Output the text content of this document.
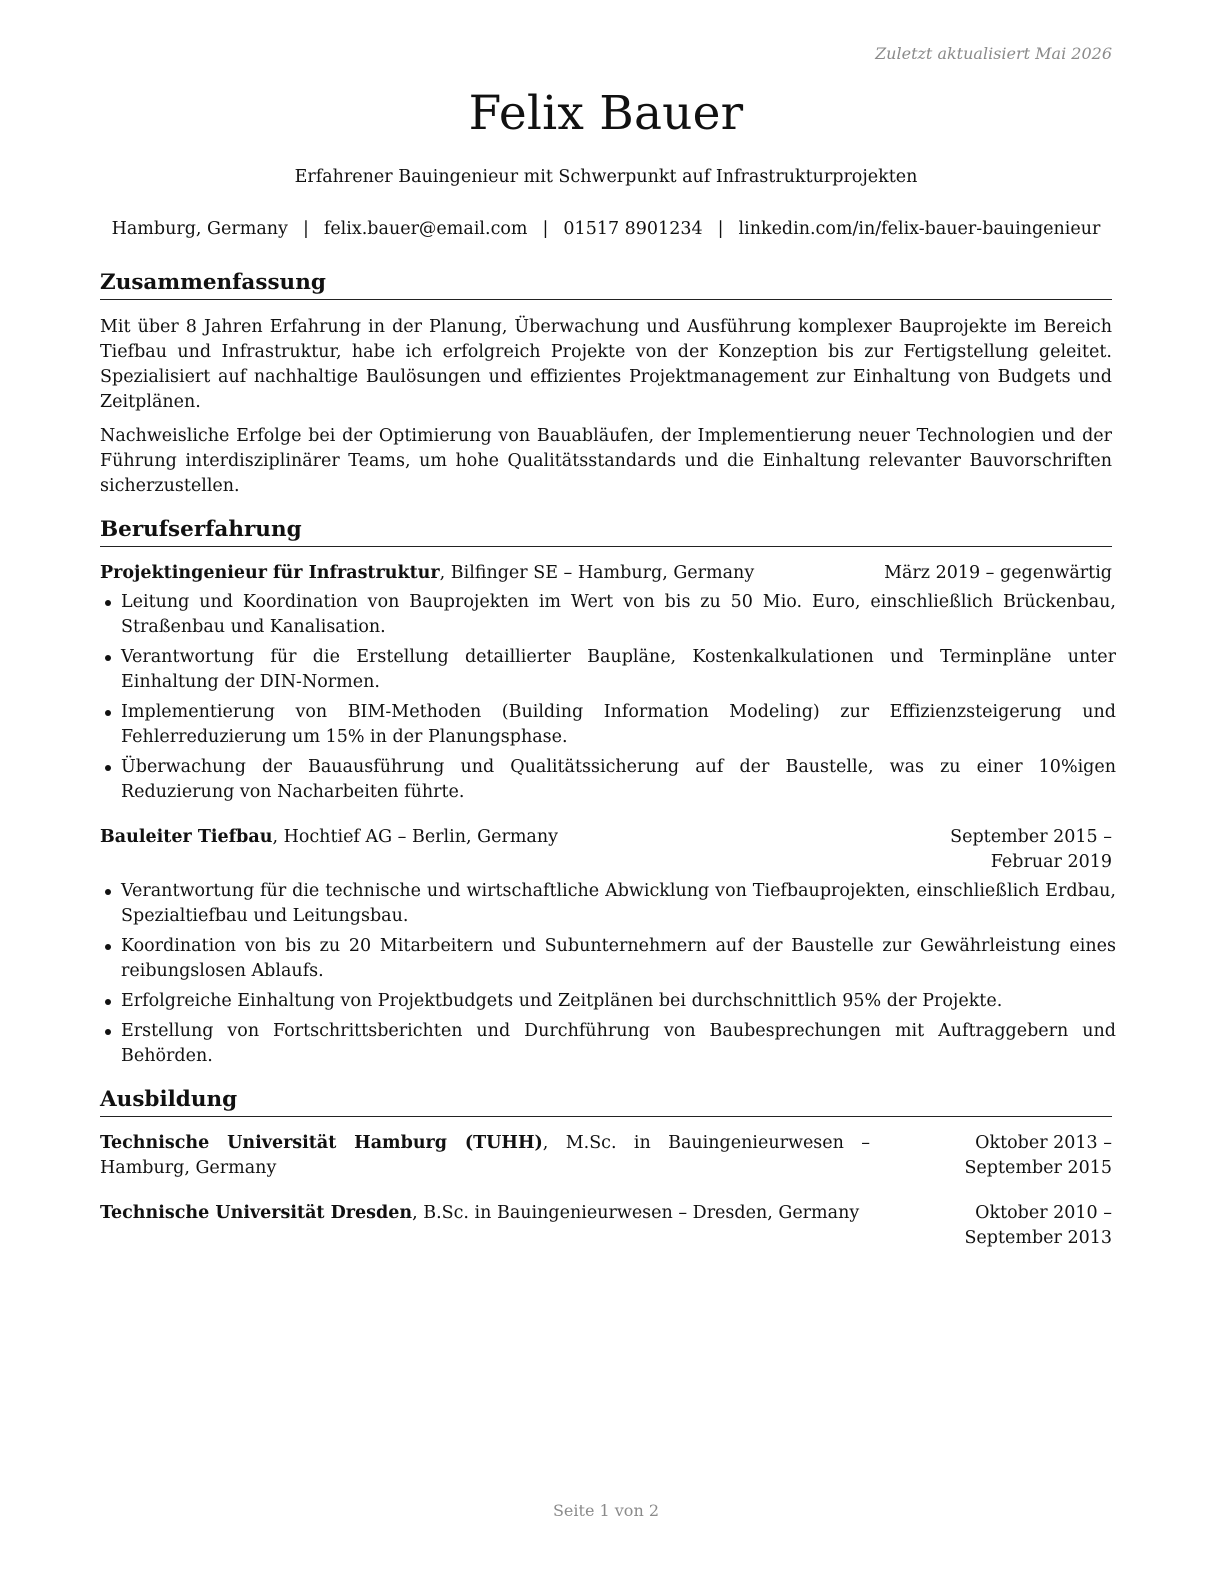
Zuletzt aktualisiert Mai 2026
Felix Bauer
Erfahrener Bauingenieur mit Schwerpunkt auf Infrastrukturprojekten
Hamburg, Germany | felix.bauer@email.com | 01517 8901234 | linkedin.com/in/felix-bauer-bauingenieur
Zusammenfassung

Mit über 8 Jahren Erfahrung in der Planung, Überwachung und Ausführung komplexer Bauprojekte im Bereich Tiefbau und Infrastruktur, habe ich erfolgreich Projekte von der Konzeption bis zur Fertigstellung geleitet. Spezialisiert auf nachhaltige Baulösungen und effizientes Projektmanagement zur Einhaltung von Budgets und Zeitplänen.

Nachweisliche Erfolge bei der Optimierung von Bauabläufen, der Implementierung neuer Technologien und der Führung interdisziplinärer Teams, um hohe Qualitätsstandards und die Einhaltung relevanter Bauvorschriften sicherzustellen.

Berufserfahrung
Projektingenieur für Infrastruktur, Bilfinger SE – Hamburg, Germany	März 2019 – gegenwärtig
Leitung und Koordination von Bauprojekten im Wert von bis zu 50 Mio. Euro, einschließlich Brückenbau, Straßenbau und Kanalisation.
Verantwortung für die Erstellung detaillierter Baupläne, Kostenkalkulationen und Terminpläne unter Einhaltung der DIN-Normen.
Implementierung von BIM-Methoden (Building Information Modeling) zur Effizienzsteigerung und Fehlerreduzierung um 15% in der Planungsphase.
Überwachung der Bauausführung und Qualitätssicherung auf der Baustelle, was zu einer 10%igen Reduzierung von Nacharbeiten führte.
Bauleiter Tiefbau, Hochtief AG – Berlin, Germany	September 2015 – Februar 2019
Verantwortung für die technische und wirtschaftliche Abwicklung von Tiefbauprojekten, einschließlich Erdbau, Spezialtiefbau und Leitungsbau.
Koordination von bis zu 20 Mitarbeitern und Subunternehmern auf der Baustelle zur Gewährleistung eines reibungslosen Ablaufs.
Erfolgreiche Einhaltung von Projektbudgets und Zeitplänen bei durchschnittlich 95% der Projekte.
Erstellung von Fortschrittsberichten und Durchführung von Baubesprechungen mit Auftraggebern und Behörden.
Ausbildung
Technische Universität Hamburg (TUHH), M.Sc. in Bauingenieurwesen – Hamburg, Germany
Oktober 2013 – September 2015
Technische Universität Dresden, B.Sc. in Bauingenieurwesen – Dresden, Germany	Oktober 2010 – September 2013
Seite 1 von 2
